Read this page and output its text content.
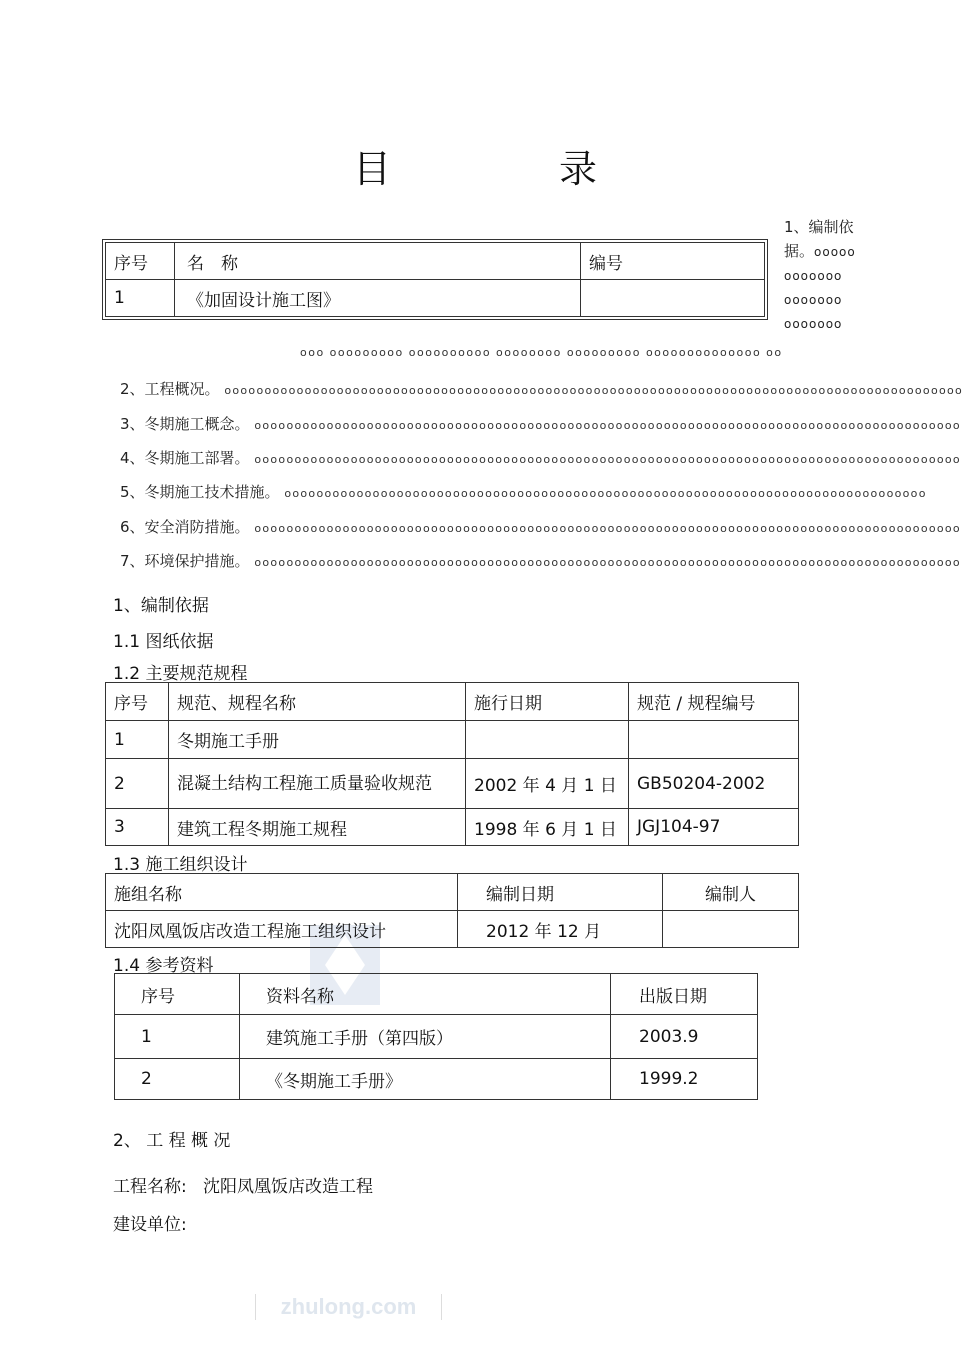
目 录
1、编制依
据。ooooo
ooooooo
ooooooo
ooooooo
序号	名　称	编号
1	《加固设计施工图》	
ooo ooooooooo oooooooooo oooooooo ooooooooo oooooooooooooo oo
2、工程概况。 oooooooooooooooooooooooooooooooooooooooooooooooooooooooooooooooooooooooooooooooooooooooooooo
3、冬期施工概念。 oooooooooooooooooooooooooooooooooooooooooooooooooooooooooooooooooooooooooooooooooooooooo
4、冬期施工部署。 oooooooooooooooooooooooooooooooooooooooooooooooooooooooooooooooooooooooooooooooooooooooo
5、冬期施工技术措施。 oooooooooooooooooooooooooooooooooooooooooooooooooooooooooooooooooooooooooooooooo
6、安全消防措施。 oooooooooooooooooooooooooooooooooooooooooooooooooooooooooooooooooooooooooooooooooooooooo
7、环境保护措施。 oooooooooooooooooooooooooooooooooooooooooooooooooooooooooooooooooooooooooooooooooooooooo
1、编制依据
1.1 图纸依据
1.2 主要规范规程
序号	规范、规程名称	施行日期	规范 / 规程编号
1	冬期施工手册		
2	混凝土结构工程施工质量验收规范	2002 年 4 月 1 日	GB50204-2002
3	建筑工程冬期施工规程	1998 年 6 月 1 日	JGJ104-97
1.3 施工组织设计
施组名称	编制日期	编制人
沈阳凤凰饭店改造工程施工组织设计	2012 年 12 月	
1.4 参考资料
序号	资料名称	出版日期
1	建筑施工手册（第四版）	2003.9
2	《冬期施工手册》	1999.2
2、 工 程 概 况
工程名称: 沈阳凤凰饭店改造工程
建设单位:
zhulong.com
